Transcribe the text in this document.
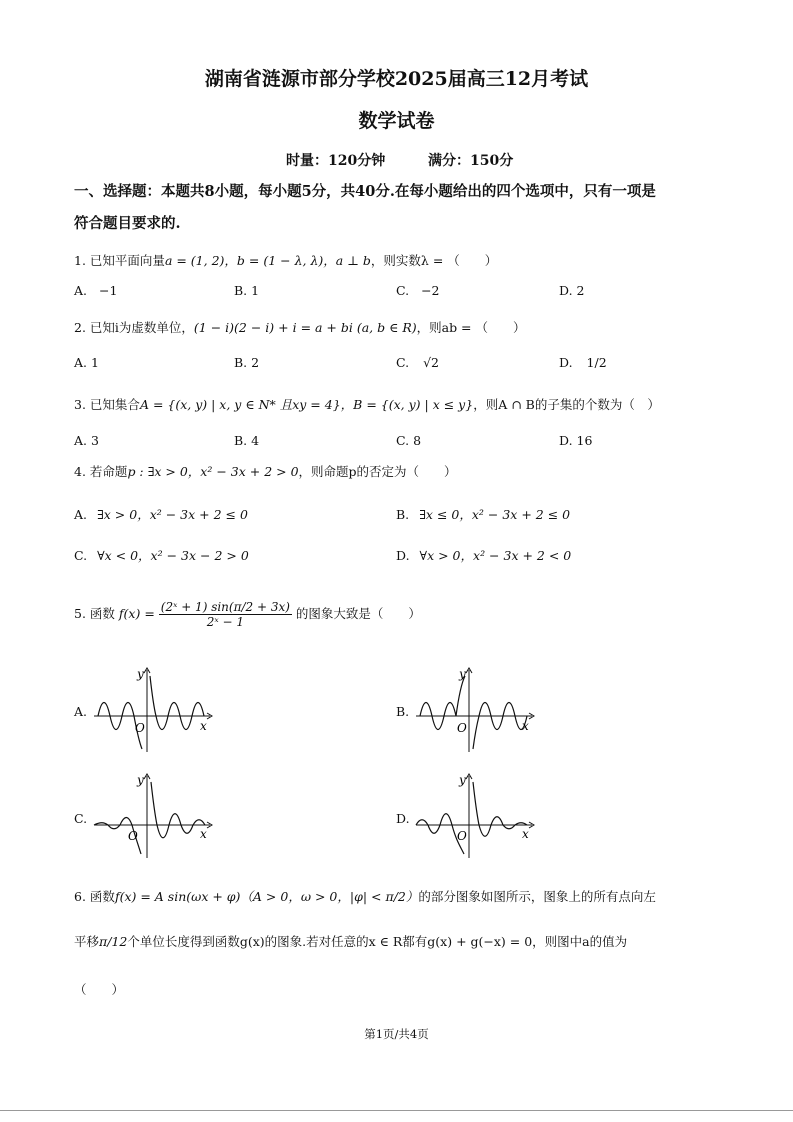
湖南省涟源市部分学校2025届高三12月考试
数学试卷
时量：120分钟	满分：150分
一、选择题：本题共8小题，每小题5分，共40分.在每小题给出的四个选项中，只有一项是
符合题目要求的.
1. 已知平面向量a = (1, 2)，b = (1 − λ, λ)，a ⊥ b，则实数λ = （　　）
A. −1	B. 1	C. −2	D. 2
2. 已知i为虚数单位，(1 − i)(2 − i) + i = a + bi (a, b ∈ R)，则ab = （　　）
A. 1	B. 2	C. √2	D. 1/2
3. 已知集合A = {(x, y) | x, y ∈ N* 且xy = 4}，B = {(x, y) | x ≤ y}，则A ∩ B的子集的个数为（　）
A. 3	B. 4	C. 8	D. 16
4. 若命题p : ∃x > 0，x² − 3x + 2 > 0，则命题p的否定为（　　）
A. ∃x > 0，x² − 3x + 2 ≤ 0	B. ∃x ≤ 0，x² − 3x + 2 ≤ 0
C. ∀x < 0，x² − 3x − 2 > 0	D. ∀x > 0，x² − 3x + 2 < 0
5. 函数 $f(x) = \frac{\text{(2ˣ + 1) sin(π/2 + 3x)}}{\text{2ˣ − 1}}$ 的图象大致是（　　）
A.	B.
C.	D.
y
x
O
y
x
O
y
x
O
y
x
O
6. 函数f(x) = A sin(ωx + φ)（A > 0，ω > 0，|φ| < π/2）的部分图象如图所示，图象上的所有点向左
平移π/12个单位长度得到函数g(x)的图象.若对任意的x ∈ R都有g(x) + g(−x) = 0，则图中a的值为
（　　）
第1页/共4页
